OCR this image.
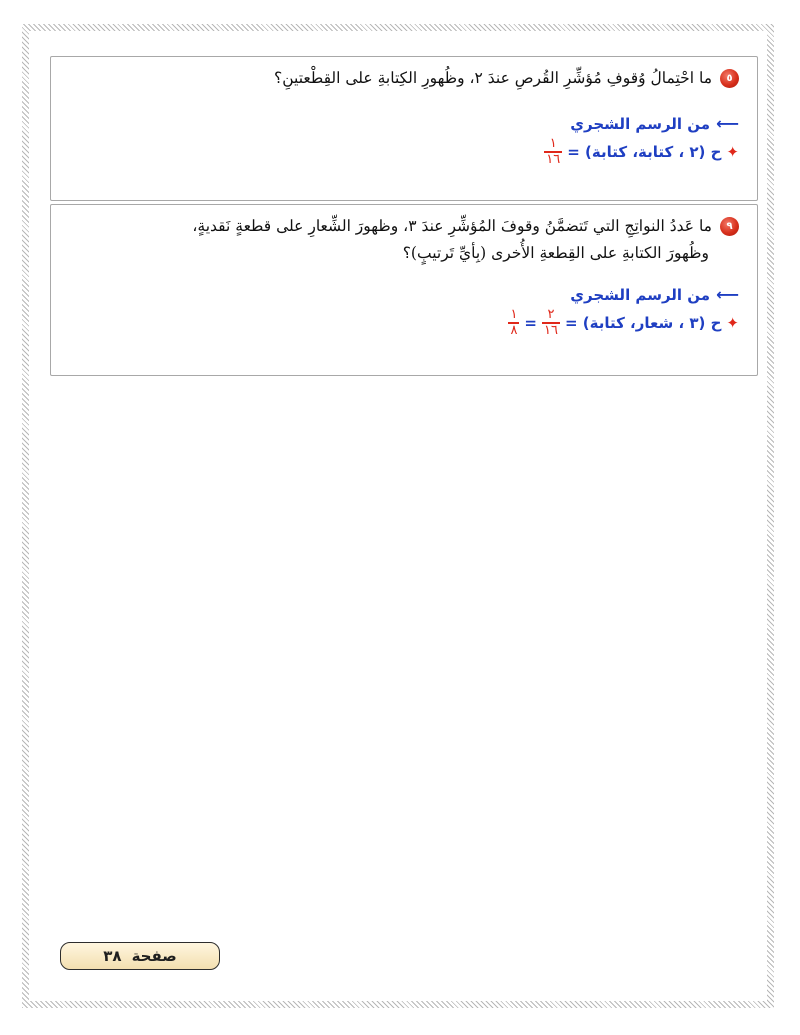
٥
ما احْتِمالُ وُقوفِ مُؤشِّرِ القُرصِ عندَ ٢، وظُهورِ الكِتابةِ على القِطْعتينِ؟
⟵
من الرسم الشجري
✦
ح (٢ ، كتابة، كتابة) =
$\frac{١}{١٦}$
٩
ما عَددُ النواتِجِ التي تَتضمَّنُ وقوفَ المُؤشِّرِ عندَ ٣، وظهورَ الشِّعارِ على قطعةٍ نَقديةٍ،
وظُهورَ الكتابةِ على القِطعةِ الأُخرى (بِأيِّ تَرتيبٍ)؟
⟵
من الرسم الشجري
✦
ح (٣ ، شعار، كتابة) =
$\frac{٢}{١٦}$
=
$\frac{١}{٨}$
صفحة
٣٨
